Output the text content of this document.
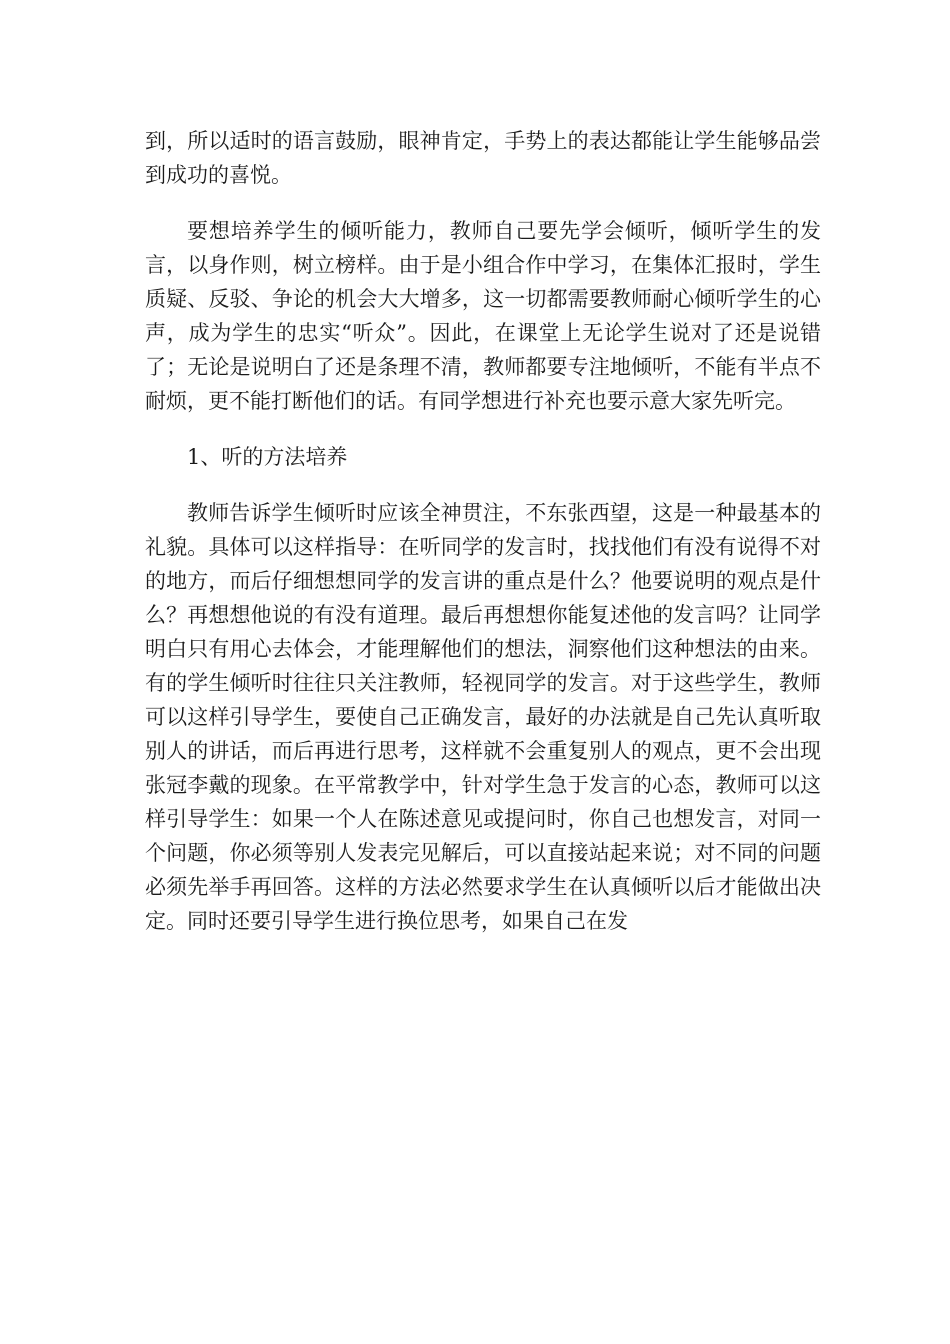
到，所以适时的语言鼓励，眼神肯定，手势上的表达都能让学生能够品尝到成功的喜悦。

要想培养学生的倾听能力，教师自己要先学会倾听，倾听学生的发言，以身作则，树立榜样。由于是小组合作中学习，在集体汇报时，学生质疑、反驳、争论的机会大大增多，这一切都需要教师耐心倾听学生的心声，成为学生的忠实“听众”。因此，在课堂上无论学生说对了还是说错了；无论是说明白了还是条理不清，教师都要专注地倾听，不能有半点不耐烦，更不能打断他们的话。有同学想进行补充也要示意大家先听完。

1、听的方法培养

教师告诉学生倾听时应该全神贯注，不东张西望，这是一种最基本的礼貌。具体可以这样指导：在听同学的发言时，找找他们有没有说得不对的地方，而后仔细想想同学的发言讲的重点是什么？他要说明的观点是什么？再想想他说的有没有道理。最后再想想你能复述他的发言吗？让同学明白只有用心去体会，才能理解他们的想法，洞察他们这种想法的由来。有的学生倾听时往往只关注教师，轻视同学的发言。对于这些学生，教师可以这样引导学生，要使自己正确发言，最好的办法就是自己先认真听取别人的讲话，而后再进行思考，这样就不会重复别人的观点，更不会出现张冠李戴的现象。在平常教学中，针对学生急于发言的心态，教师可以这样引导学生：如果一个人在陈述意见或提问时，你自己也想发言，对同一个问题，你必须等别人发表完见解后，可以直接站起来说；对不同的问题必须先举手再回答。这样的方法必然要求学生在认真倾听以后才能做出决定。同时还要引导学生进行换位思考，如果自己在发
